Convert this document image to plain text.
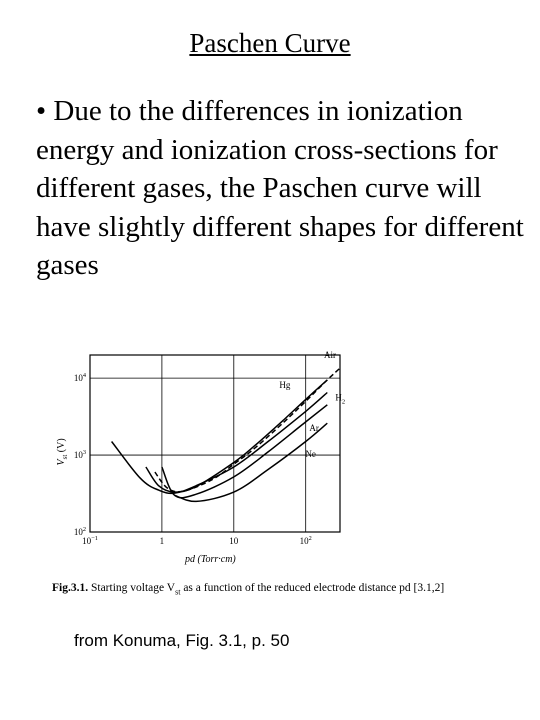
Paschen Curve
• Due to the differences in ionization energy and ionization cross-sections for different gases, the Paschen curve will have slightly different shapes for different gases
$10^{-1}$	1	10	$10^2$
$10^2$
$10^3$
$10^4$
Air
Hg
$H_2$
Ar
Ne
pd (Torr·cm)
$V_{st}$ (V)
Fig.3.1. Starting voltage $V_{st}$ as a function of the reduced electrode distance pd [3.1,2]
from Konuma, Fig. 3.1, p. 50
